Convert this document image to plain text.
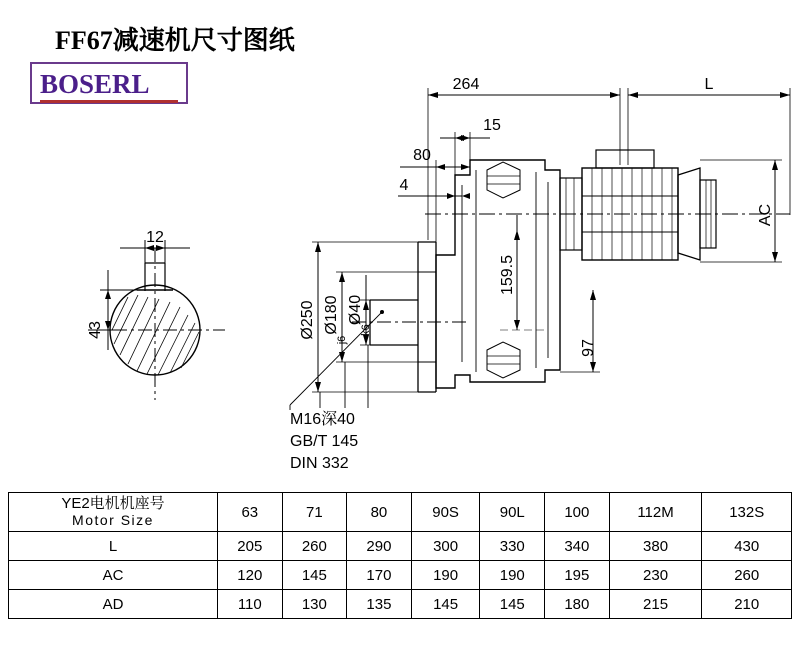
FF67减速机尺寸图纸
BOSERL	264	L
15
80
4
97
159.5
AC
Ø250 Ø180
j6
Ø40
k6
12
43
M16深40
GB/T 145
DIN 332
YE2电机机座号
Motor Size	63	71	80	90S	90L	100	112M	132S
L	205	260	290	300	330	340	380	430
AC	120	145	170	190	190	195	230	260
AD	110	130	135	145	145	180	215	210
